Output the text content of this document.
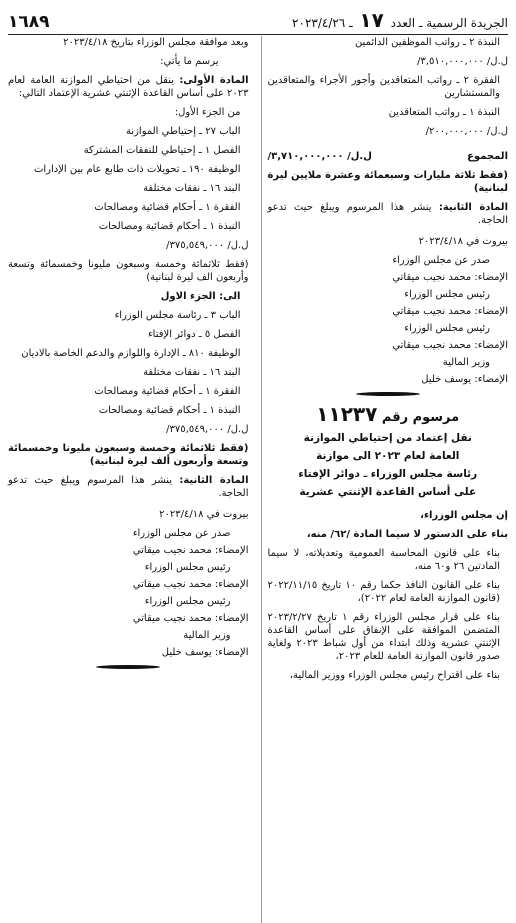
الجريدة الرسمية ـ العدد ١٧ ـ ٢٠٢٣/٤/٢٦
١٦٨٩
النبذة ٢ ـ رواتب الموظفين الدائمين
ل.ل/ ٣,٥١٠,٠٠٠,٠٠٠/
الفقرة ٢ ـ رواتب المتعاقدين وأجور الأجراء والمتعاقدين والمستشارين
النبذة ١ ـ رواتب المتعاقدين
ل.ل/ ٢٠٠,٠٠٠,٠٠٠/
المجموع
ل.ل/ ٣,٧١٠,٠٠٠,٠٠٠/
(فقط ثلاثة مليارات وسبعمائة وعشرة ملايين ليرة لبنانية)
المادة الثانية: ينشر هذا المرسوم ويبلغ حيث تدعو الحاجة.
بيروت في ٢٠٢٣/٤/١٨
صدر عن مجلس الوزراء
الإمضاء: محمد نجيب ميقاتي
رئيس مجلس الوزراء
الإمضاء: محمد نجيب ميقاتي
رئيس مجلس الوزراء
الإمضاء: محمد نجيب ميقاتي
وزير المالية
الإمضاء: يوسف خليل
مرسوم رقم ١١٢٣٧
نقل إعتماد من إحتياطي الموازنة
العامة لعام ٢٠٢٣ الى موازنة
رئاسة مجلس الوزراء ـ دوائر الإفتاء
على أساس القاعدة الإثنتي عشرية
إن مجلس الوزراء،
بناء على الدستور لا سيما المادة /٦٢/ منه،
بناء على قانون المحاسبة العمومية وتعديلاته، لا سيما المادتين ٢٦ و٦٠ منه،
بناء على القانون النافذ حكما رقم ١٠ تاريخ ٢٠٢٢/١١/١٥ (قانون الموازنة العامة لعام ٢٠٢٢)،
بناء على قرار مجلس الوزراء رقم ١ تاريخ ٢٠٢٣/٢/٢٧ المتضمن الموافقة على الإنفاق على أساس القاعدة الإثنتي عشرية وذلك ابتداء من أول شباط ٢٠٢٣ ولغاية صدور قانون الموازنة العامة للعام ٢٠٢٣،
بناء على اقتراح رئيس مجلس الوزراء ووزير المالية،
وبعد موافقة مجلس الوزراء بتاريخ ٢٠٢٣/٤/١٨
يرسم ما يأتي:
المادة الأولى: ينقل من احتياطي الموازنة العامة لعام ٢٠٢٣ على أساس القاعدة الإثنتي عشرية الإعتماد التالي:
من الجزء الأول:
الباب ٢٧ ـ إحتياطي الموازنة
الفصل ١ ـ إحتياطي للنفقات المشتركة
الوظيفة ١٩٠ ـ تحويلات ذات طابع عام بين الإدارات
البند ١٦ ـ نفقات مختلفة
الفقرة ١ ـ أحكام قضائية ومصالحات
النبذة ١ ـ أحكام قضائية ومصالحات
ل.ل/ ٣٧٥,٥٤٩,٠٠٠/
(فقط ثلاثمائة وخمسة وسبعون مليونا وخمسمائة وتسعة وأربعون الف ليرة لبنانية)
الى: الجزء الاول
الباب ٣ ـ رئاسة مجلس الوزراء
الفصل ٥ ـ دوائر الإفتاء
الوظيفة ٨١٠ ـ الإدارة واللوازم والدعم الخاصة بالاديان
البند ١٦ ـ نفقات مختلفة
الفقرة ١ ـ أحكام قضائية ومصالحات
النبذة ١ ـ أحكام قضائية ومصالحات
ل.ل/ ٣٧٥,٥٤٩,٠٠٠/
(فقط ثلاثمائة وخمسة وسبعون مليونا وخمسمائة وتسعة وأربعون ألف ليرة لبنانية)
المادة الثانية: ينشر هذا المرسوم ويبلغ حيث تدعو الحاجة.
بيروت في ٢٠٢٣/٤/١٨
صدر عن مجلس الوزراء
الإمضاء: محمد نجيب ميقاتي
رئيس مجلس الوزراء
الإمضاء: محمد نجيب ميقاتي
رئيس مجلس الوزراء
الإمضاء: محمد نجيب ميقاتي
وزير المالية
الإمضاء: يوسف خليل
